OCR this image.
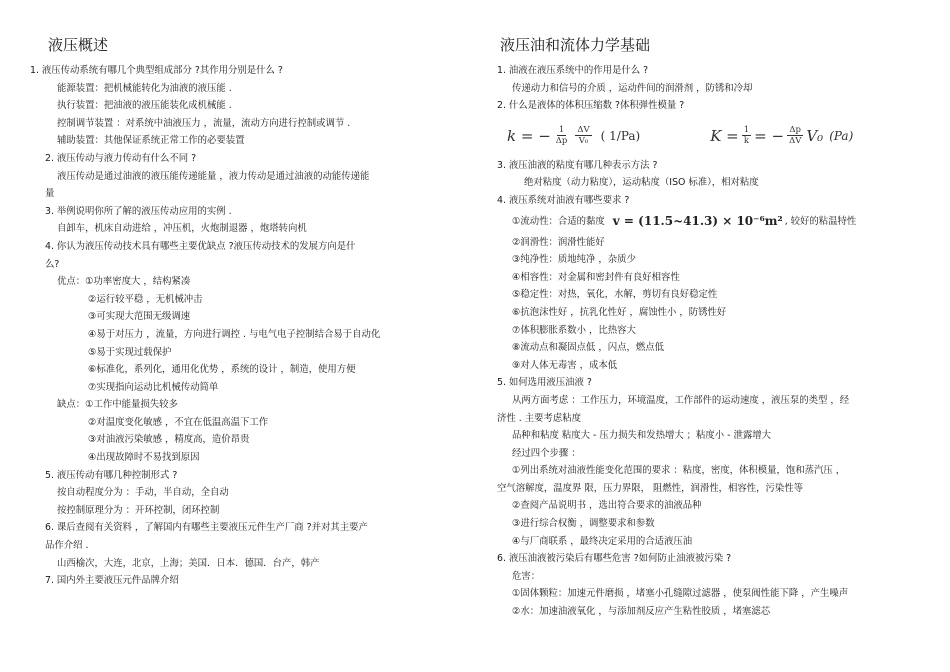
液压概述
1. 液压传动系统有哪几个典型组成部分 ?其作用分别是什么 ?
能源装置：把机械能转化为油液的液压能 .
执行装置：把油液的液压能装化成机械能 .
控制调节装置 ：对系统中油液压力 ，流量，流动方向进行控制或调节 .
辅助装置：其他保证系统正常工作的必要装置
2. 液压传动与液力传动有什么不同 ?
液压传动是通过油液的液压能传递能量 ，液力传动是通过油液的动能传递能
量
3. 举例说明你所了解的液压传动应用的实例 .
自卸车，机床自动进给 ，冲压机，火炮制退器 ，炮塔转向机
4. 你认为液压传动技术具有哪些主要优缺点 ?液压传动技术的发展方向是什
么?
优点：①功率密度大 ，结构紧凑
②运行较平稳 ，无机械冲击
③可实现大范围无级调速
④易于对压力 ，流量，方向进行调控 . 与电气电子控制结合易于自动化
⑤易于实现过载保护
⑥标准化，系列化，通用化优势 ，系统的设计 ，制造，使用方便
⑦实现指向运动比机械传动简单
缺点：①工作中能量损失较多
②对温度变化敏感 ，不宜在低温高温下工作
③对油液污染敏感 ，精度高，造价昂贵
④出现故障时不易找到原因
5. 液压传动有哪几种控制形式 ?
按自动程度分为 ：手动，半自动，全自动
按控制原理分为 ：开环控制，闭环控制
6. 课后查阅有关资料 ，了解国内有哪些主要液压元件生产厂商 ?并对其主要产
品作介绍 .
山西榆次，大连，北京，上海；美国．日本．德国．台产，韩产
7. 国内外主要液压元件品牌介绍
液压油和流体力学基础
1. 油液在液压系统中的作用是什么 ?
传递动力和信号的介质 ，运动件间的润滑剂 ，防锈和冷却
2. 什么是液体的体积压缩数 ?体积弹性模量 ?
k = − $\frac{1}{\Delta p} \frac{\Delta V}{\text{V₀}}$ ( 1/Pa)	$K = \frac{1}{k}$ = − $\frac{\Delta p}{\Delta V} V_0$ (Pa)
3. 液压油液的粘度有哪几种表示方法 ?
绝对粘度（动力粘度），运动粘度（ISO 标准），相对粘度
4. 液压系统对油液有哪些要求 ?
①流动性：合适的黏度 v = (11.5~41.3) × 10⁻⁶m² , 较好的粘温特性
②润滑性：润滑性能好
③纯净性：质地纯净 ，杂质少
④相容性：对金属和密封件有良好相容性
⑤稳定性：对热，氧化，水解，剪切有良好稳定性
⑥抗泡沫性好 ，抗乳化性好 ，腐蚀性小 ，防锈性好
⑦体积膨胀系数小 ，比热容大
⑧流动点和凝固点低 ，闪点，燃点低
⑨对人体无毒害 ，成本低
5. 如何选用液压油液 ?
从两方面考虑 ：工作压力，环境温度，工作部件的运动速度 ，液压泵的类型 ，经
济性 . 主要考虑粘度
品种和粘度 粘度大 - 压力损失和发热增大 ；粘度小 - 泄露增大
经过四个步骤 ：
①列出系统对油液性能变化范围的要求 ：粘度，密度，体积模量，饱和蒸汽压 ，
空气溶解度，温度界 限，压力界限， 阻燃性，润滑性，相容性，污染性等
②查阅产品说明书 ，选出符合要求的油液品种
③进行综合权衡 ，调整要求和参数
④与厂商联系 ，最终决定采用的合适液压油
6. 液压油液被污染后有哪些危害 ?如何防止油液被污染 ?
危害：
①固体颗粒：加速元件磨损 ，堵塞小孔缝隙过滤器 ，使泵阀性能下降 ，产生噪声
②水：加速油液氧化 ，与添加剂反应产生粘性胶质 ，堵塞滤芯
